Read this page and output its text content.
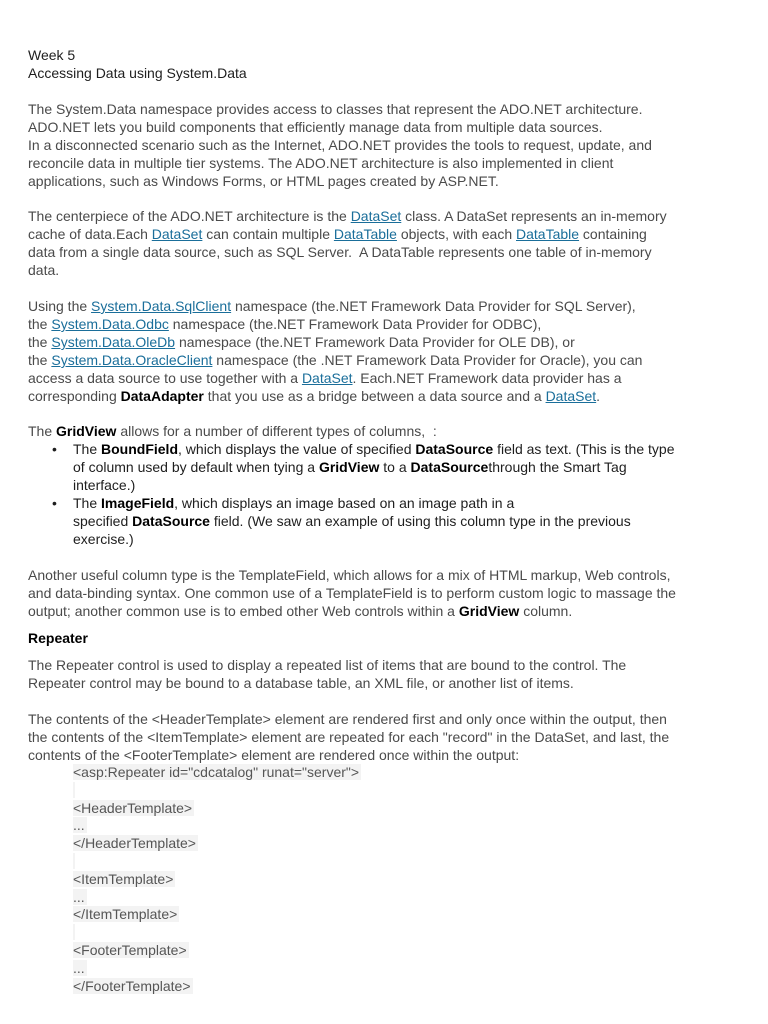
Week 5
Accessing Data using System.Data
The System.Data namespace provides access to classes that represent the ADO.NET architecture.
ADO.NET lets you build components that efficiently manage data from multiple data sources.
In a disconnected scenario such as the Internet, ADO.NET provides the tools to request, update, and
reconcile data in multiple tier systems. The ADO.NET architecture is also implemented in client
applications, such as Windows Forms, or HTML pages created by ASP.NET.
The centerpiece of the ADO.NET architecture is the DataSet class. A DataSet represents an in-memory
cache of data.Each DataSet can contain multiple DataTable objects, with each DataTable containing
data from a single data source, such as SQL Server.  A DataTable represents one table of in-memory
data.
Using the System.Data.SqlClient namespace (the.NET Framework Data Provider for SQL Server),
the System.Data.Odbc namespace (the.NET Framework Data Provider for ODBC),
the System.Data.OleDb namespace (the.NET Framework Data Provider for OLE DB), or
the System.Data.OracleClient namespace (the .NET Framework Data Provider for Oracle), you can
access a data source to use together with a DataSet. Each.NET Framework data provider has a
corresponding DataAdapter that you use as a bridge between a data source and a DataSet.
The GridView allows for a number of different types of columns,  :
• The BoundField, which displays the value of specified DataSource field as text. (This is the type
of column used by default when tying a GridView to a DataSourcethrough the Smart Tag
interface.)
• The ImageField, which displays an image based on an image path in a
specified DataSource field. (We saw an example of using this column type in the previous
exercise.)
Another useful column type is the TemplateField, which allows for a mix of HTML markup, Web controls,
and data-binding syntax. One common use of a TemplateField is to perform custom logic to massage the
output; another common use is to embed other Web controls within a GridView column.
Repeater
The Repeater control is used to display a repeated list of items that are bound to the control. The
Repeater control may be bound to a database table, an XML file, or another list of items.
The contents of the <HeaderTemplate> element are rendered first and only once within the output, then
the contents of the <ItemTemplate> element are repeated for each "record" in the DataSet, and last, the
contents of the <FooterTemplate> element are rendered once within the output:
<asp:Repeater id="cdcatalog" runat="server">
<HeaderTemplate>
...
</HeaderTemplate>
<ItemTemplate>
...
</ItemTemplate>
<FooterTemplate>
...
</FooterTemplate>
